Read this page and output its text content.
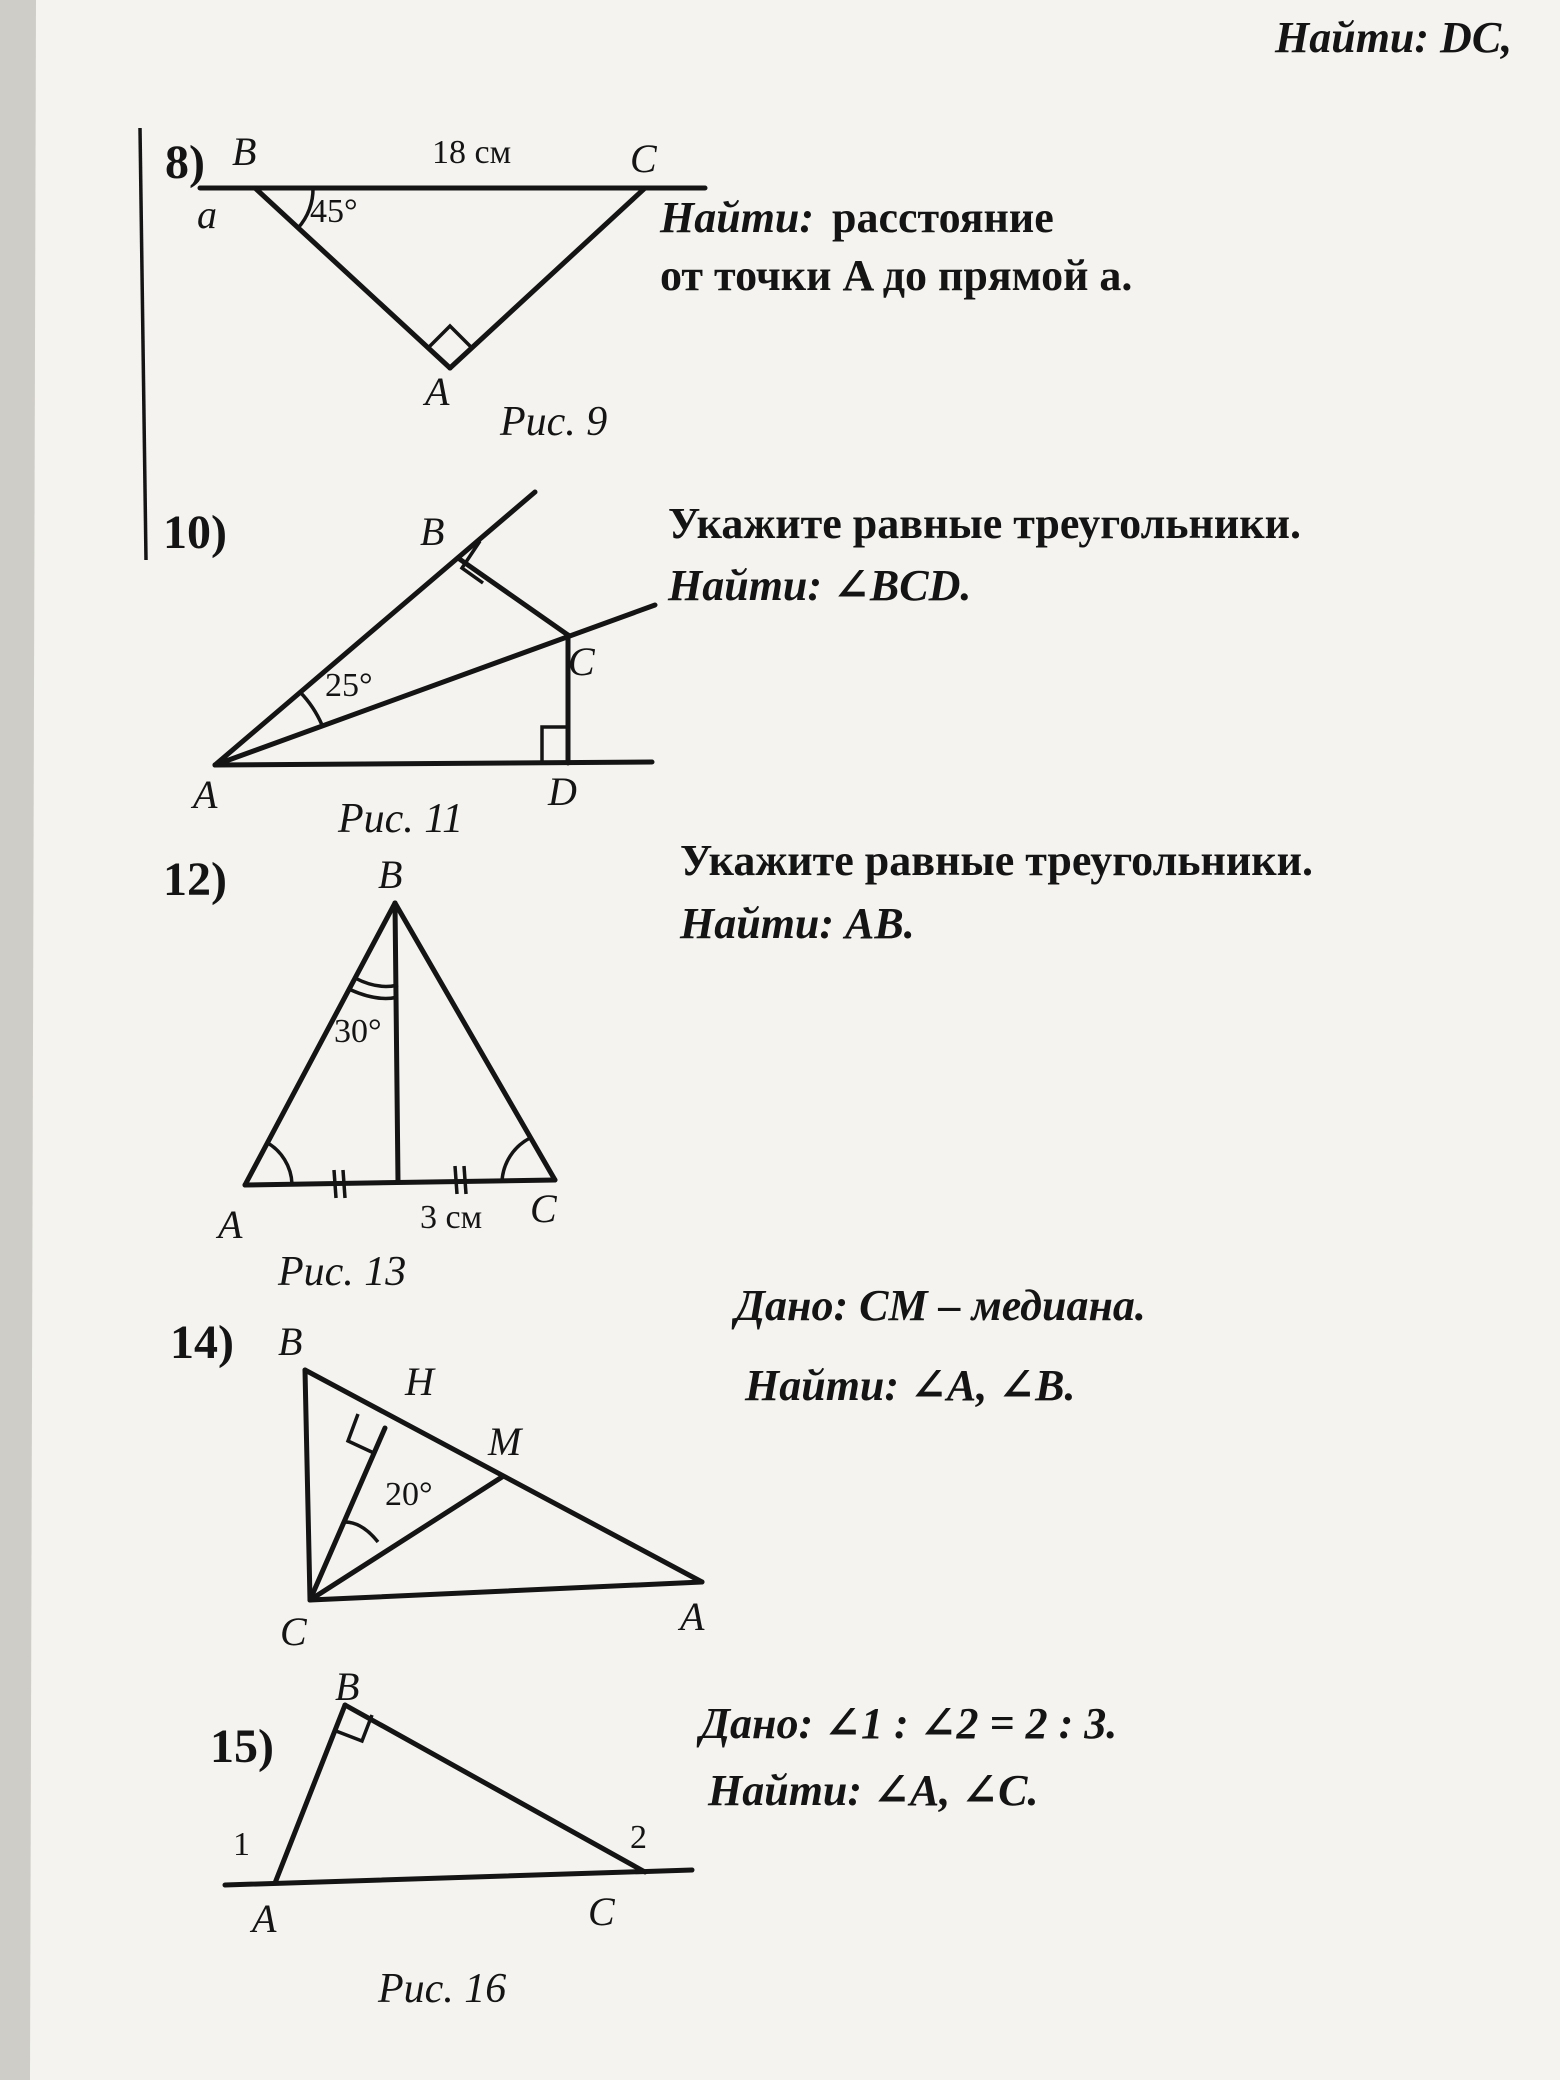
Найти: DC,
8) B	C
A
a
18 см
45°	Найти: расстояние
от точки A до прямой a.
Рис. 9
10)	B
C
A	D
25°
Укажите равные треугольники.
Найти: ∠BCD.
Рис. 11
12)	B
A	C
30°
3 см
Укажите равные треугольники.
Найти: AB.
Рис. 13
14) B
H
M
C	A
20°
Дано: CM – медиана.
Найти: ∠A, ∠B.
15)
B
A	C
1	2
Дано: ∠1 : ∠2 = 2 : 3.
Найти: ∠A, ∠C.
Рис. 16
